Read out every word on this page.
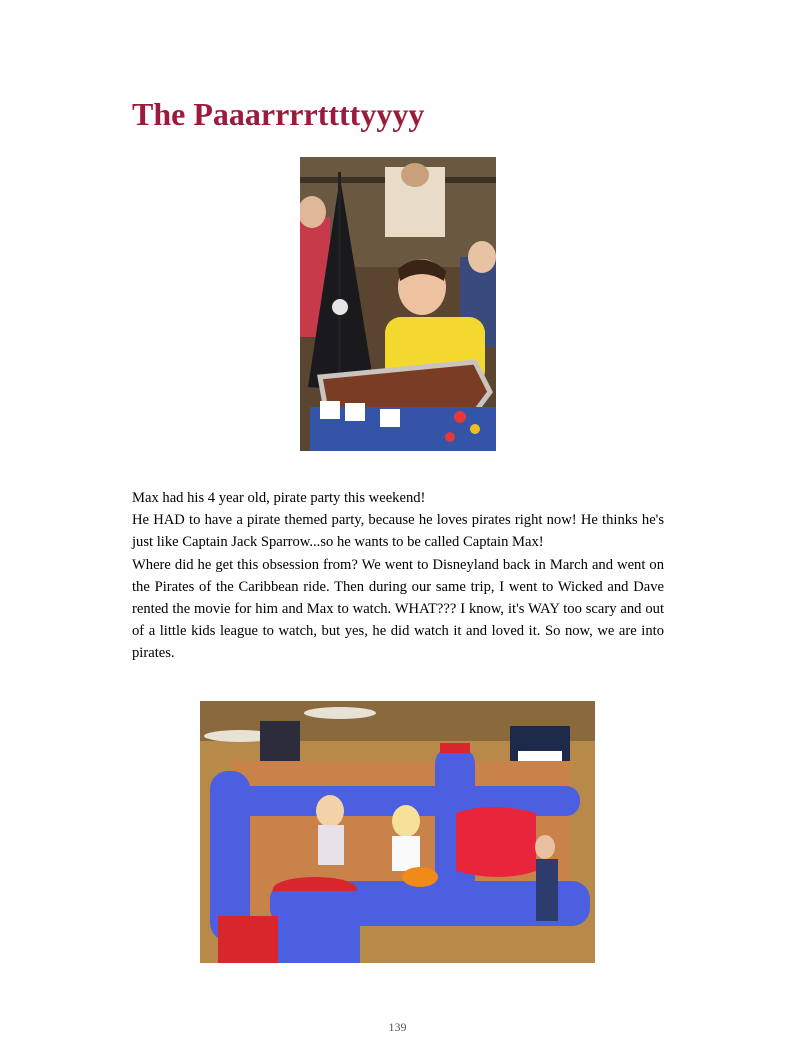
The Paaarrrrttttyyyy

Max had his 4 year old, pirate party this weekend!

He HAD to have a pirate themed party, because he loves pirates right now! He thinks he's just like Captain Jack Sparrow...so he wants to be called Captain Max!

Where did he get this obsession from? We went to Disneyland back in March and went on the Pirates of the Caribbean ride. Then during our same trip, I went to Wicked and Dave rented the movie for him and Max to watch. WHAT??? I know, it's WAY too scary and out of a little kids league to watch, but yes, he did watch it and loved it. So now, we are into pirates.

139
